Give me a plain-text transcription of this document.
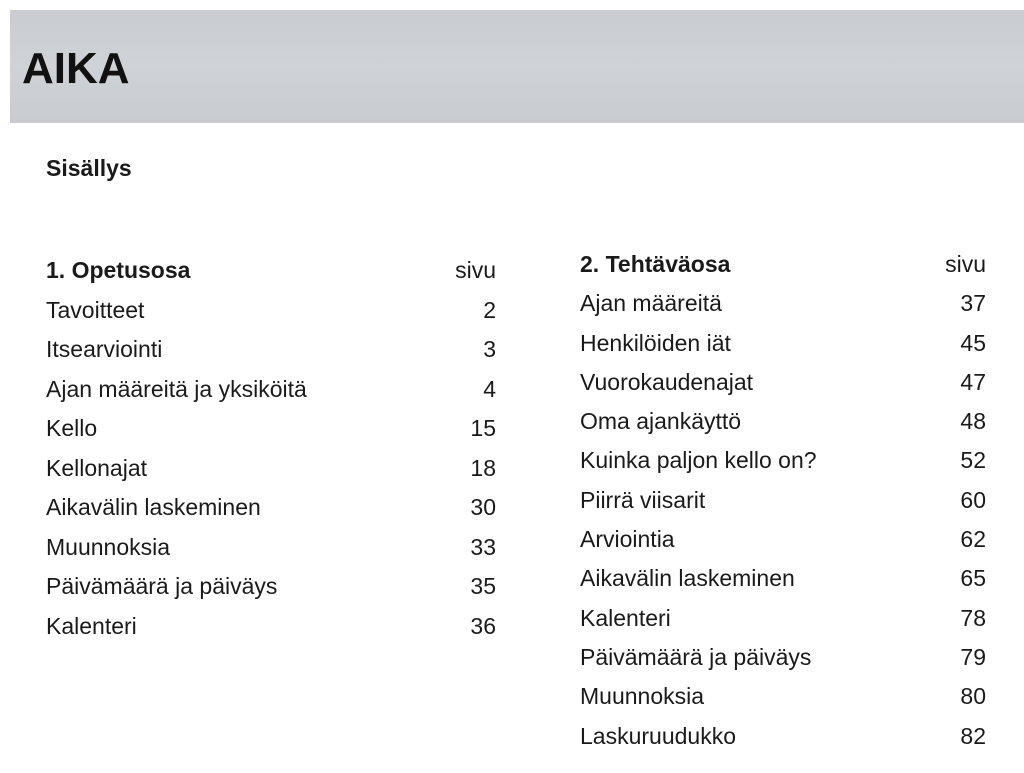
AIKA
Sisällys
1. Opetusosa	sivu
Tavoitteet	2
Itsearviointi	3
Ajan määreitä ja yksiköitä	4
Kello	15
Kellonajat	18
Aikavälin laskeminen	30
Muunnoksia	33
Päivämäärä ja päiväys	35
Kalenteri	36
2. Tehtäväosa	sivu
Ajan määreitä	37
Henkilöiden iät	45
Vuorokaudenajat	47
Oma ajankäyttö	48
Kuinka paljon kello on?	52
Piirrä viisarit	60
Arviointia	62
Aikavälin laskeminen	65
Kalenteri	78
Päivämäärä ja päiväys	79
Muunnoksia	80
Laskuruudukko	82
